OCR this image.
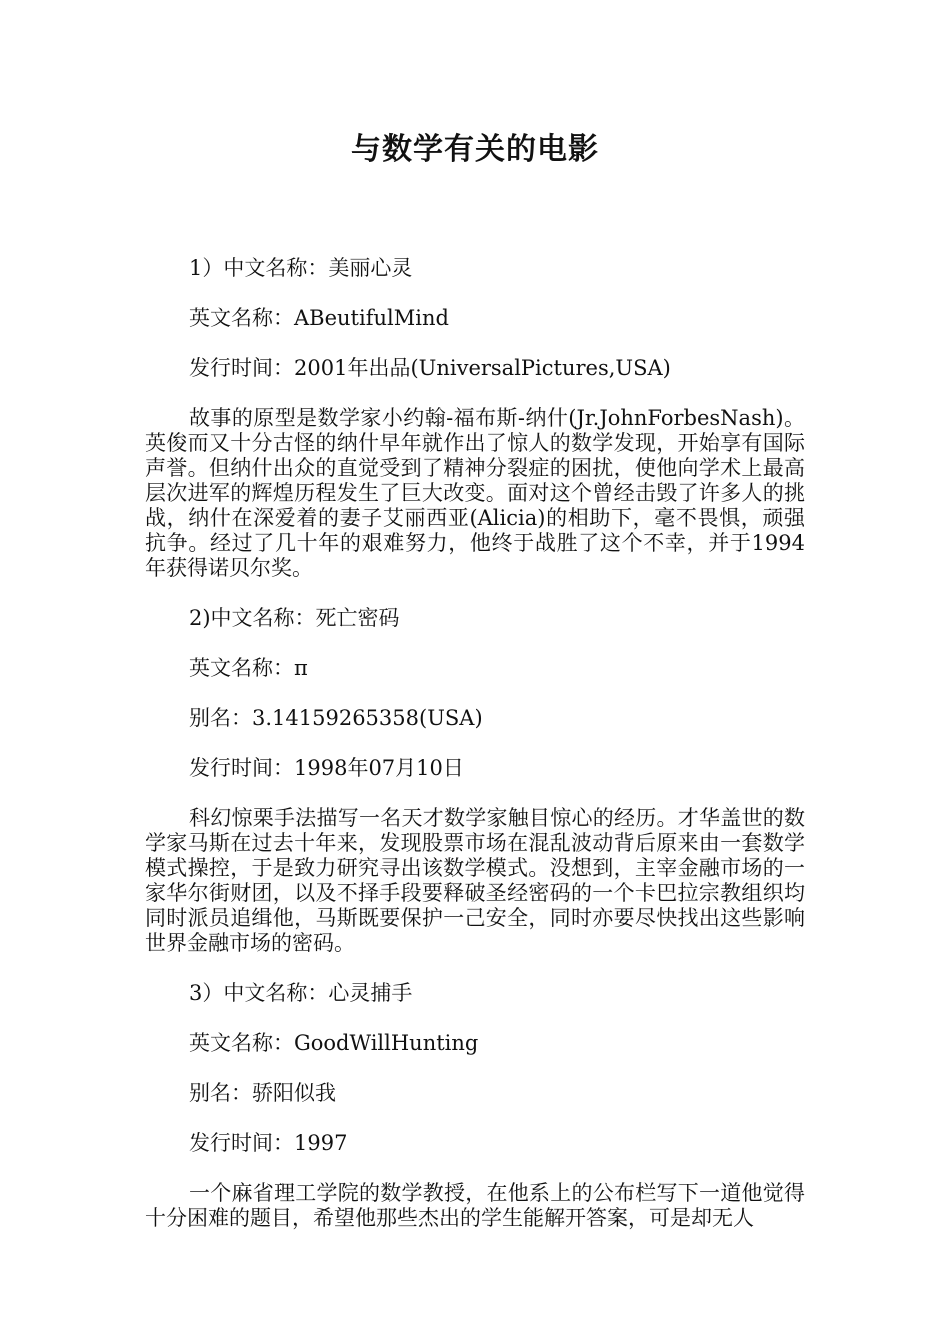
与数学有关的电影

1）中文名称：美丽心灵

英文名称：ABeutifulMind

发行时间：2001年出品(UniversalPictures,USA)

故事的原型是数学家小约翰-福布斯-纳什(Jr.JohnForbesNash)。英俊而又十分古怪的纳什早年就作出了惊人的数学发现，开始享有国际声誉。但纳什出众的直觉受到了精神分裂症的困扰，使他向学术上最高层次进军的辉煌历程发生了巨大改变。面对这个曾经击毁了许多人的挑战，纳什在深爱着的妻子艾丽西亚(Alicia)的相助下，毫不畏惧，顽强抗争。经过了几十年的艰难努力，他终于战胜了这个不幸，并于1994年获得诺贝尔奖。

2)中文名称：死亡密码

英文名称：π

别名：3.14159265358(USA)

发行时间：1998年07月10日

科幻惊栗手法描写一名天才数学家触目惊心的经历。才华盖世的数学家马斯在过去十年来，发现股票市场在混乱波动背后原来由一套数学模式操控，于是致力研究寻出该数学模式。没想到，主宰金融市场的一家华尔街财团，以及不择手段要释破圣经密码的一个卡巴拉宗教组织均同时派员追缉他，马斯既要保护一己安全，同时亦要尽快找出这些影响世界金融市场的密码。

3）中文名称：心灵捕手

英文名称：GoodWillHunting

别名：骄阳似我

发行时间：1997

一个麻省理工学院的数学教授，在他系上的公布栏写下一道他觉得十分困难的题目，希望他那些杰出的学生能解开答案，可是却无人
